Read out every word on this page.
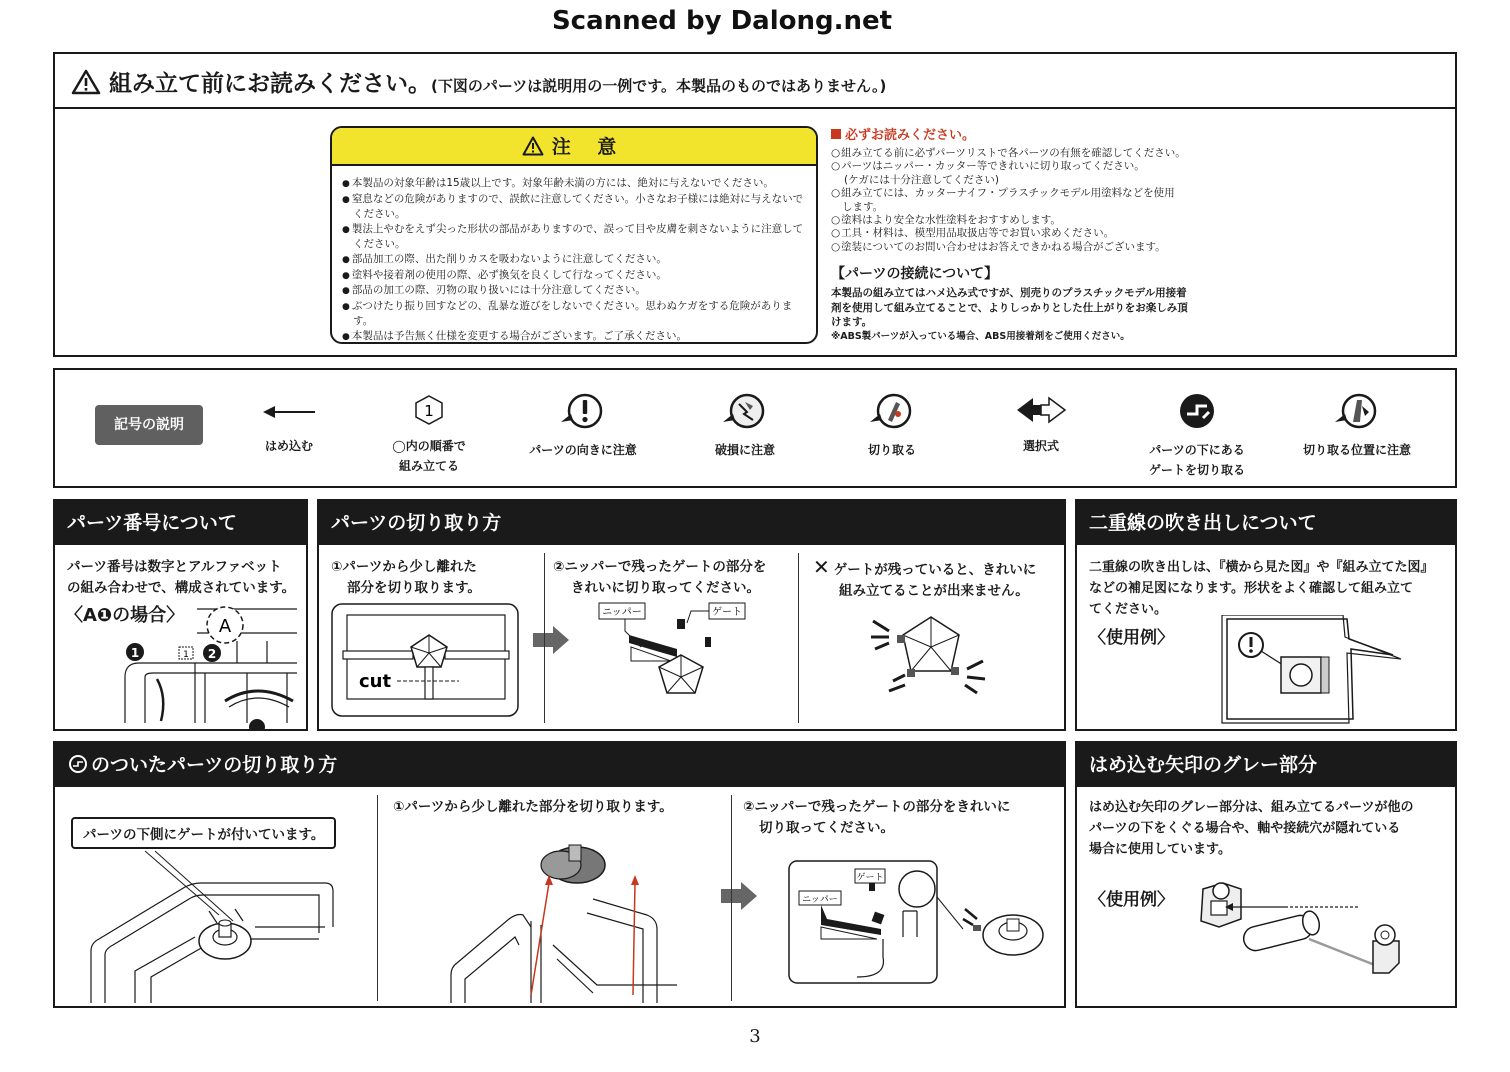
Scanned by Dalong.net
組み立て前にお読みください。(下図のパーツは説明用の一例です。本製品のものではありません。)
注 意
● 本製品の対象年齢は15歳以上です。対象年齢未満の方には、絶対に与えないでください。
● 窒息などの危険がありますので、誤飲に注意してください。小さなお子様には絶対に与えないでください。
● 製法上やむをえず尖った形状の部品がありますので、誤って目や皮膚を刺さないように注意してください。
● 部品加工の際、出た削りカスを吸わないように注意してください。
● 塗料や接着剤の使用の際、必ず換気を良くして行なってください。
● 部品の加工の際、刃物の取り扱いには十分注意してください。
● ぶつけたり振り回すなどの、乱暴な遊びをしないでください。思わぬケガをする危険があります。
● 本製品は予告無く仕様を変更する場合がございます。ご了承ください。
必ずお読みください。
○ 組み立てる前に必ずパーツリストで各パーツの有無を確認してください。
○ パーツはニッパー・カッター等できれいに切り取ってください。
(ケガには十分注意してください)
○ 組み立てには、カッターナイフ・プラスチックモデル用塗料などを使用します。
○ 塗料はより安全な水性塗料をおすすめします。
○ 工具・材料は、模型用品取扱店等でお買い求めください。
○ 塗装についてのお問い合わせはお答えできかねる場合がございます。
【パーツの接続について】
本製品の組み立てはハメ込み式ですが、別売りのプラスチックモデル用接着剤を使用して組み立てることで、よりしっかりとした仕上がりをお楽しみ頂けます。
※ABS製パーツが入っている場合、ABS用接着剤をご使用ください。
記号の説明
はめ込む
1
◯内の順番で
組み立てる
パーツの向きに注意	破損に注意	切り取る	選択式	パーツの下にある
ゲートを切り取る
切り取る位置に注意
パーツ番号について
パーツ番号は数字とアルファベット
の組み合わせで、構成されています。
〈A❶の場合〉
A
1	1 2
パーツの切り取り方
①パーツから少し離れた
部分を切り取ります。
cut
②ニッパーで残ったゲートの部分を
きれいに切り取ってください。
ニッパー	ゲート
✕ ゲートが残っていると、きれいに
組み立てることが出来ません。
二重線の吹き出しについて
二重線の吹き出しは、『横から見た図』や『組み立てた図』
などの補足図になります。形状をよく確認して組み立て
てください。
〈使用例〉
のついたパーツの切り取り方
パーツの下側にゲートが付いています。
①パーツから少し離れた部分を切り取ります。	②ニッパーで残ったゲートの部分をきれいに
切り取ってください。
ゲート
ニッパー
はめ込む矢印のグレー部分
はめ込む矢印のグレー部分は、組み立てるパーツが他の
パーツの下をくぐる場合や、軸や接続穴が隠れている
場合に使用しています。
〈使用例〉
3
